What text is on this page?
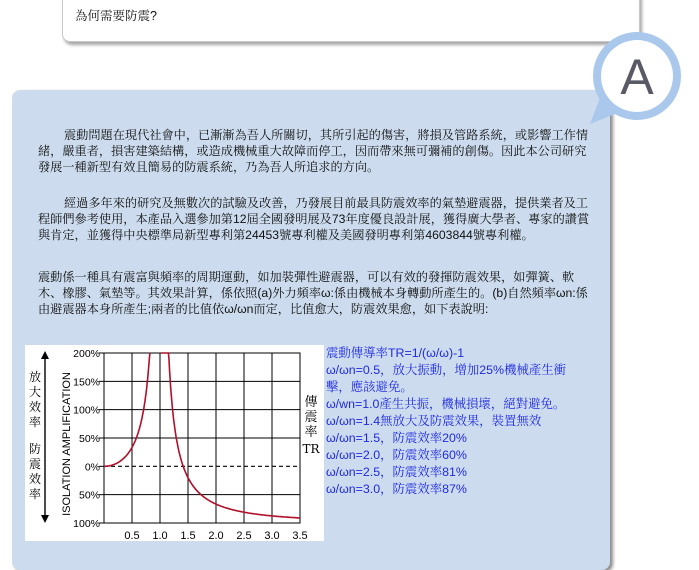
為何需要防震?

震動問題在現代社會中，已漸漸為吾人所關切，其所引起的傷害，將損及管路系統，或影響工作情緒，嚴重者，損害建築結構，或造成機械重大故障而停工，因而帶來無可彌補的創傷。因此本公司研究發展一種新型有效且簡易的防震系統，乃為吾人所追求的方向。

經過多年來的研究及無數次的試驗及改善，乃發展目前最具防震效率的氣墊避震器，提供業者及工程師們參考使用，本產品入選參加第12屆全國發明展及73年度優良設計展，獲得廣大學者、專家的讚賞與肯定，並獲得中央標準局新型專利第24453號專利權及美國發明專利第4603844號專利權。

震動係一種具有震富與頻率的周期運動，如加裝彈性避震器，可以有效的發揮防震效果，如彈簧、軟木、橡膠、氣墊等。其效果計算，係依照(a)外力頻率ω:係由機械本身轉動所產生的。(b)自然頻率ωn:係由避震器本身所產生;兩者的比值依ω/ωn而定，比值愈大，防震效果愈，如下表說明:

A
200%
150%
100%
50%
0%
50%
100%
0.5 1.0 1.5 2.0 2.5 3.0 3.5
ISOLATION AMPLIFICATION
放
大
效
率
防
震
效
率
震動傳導率TR=1/(ω/ω)-1
ω/ωn=0.5，放大振動，增加25%機械產生衝擊，應該避免。
ω/wn=1.0產生共振，機械損壞，絕對避免。
ω/ωn=1.4無放大及防震效果，裝置無效
ω/ωn=1.5，防震效率20%
ω/ωn=2.0，防震效率60%
ω/ωn=2.5，防震效率81%
ω/ωn=3.0，防震效率87%
傳
震
率
TR
